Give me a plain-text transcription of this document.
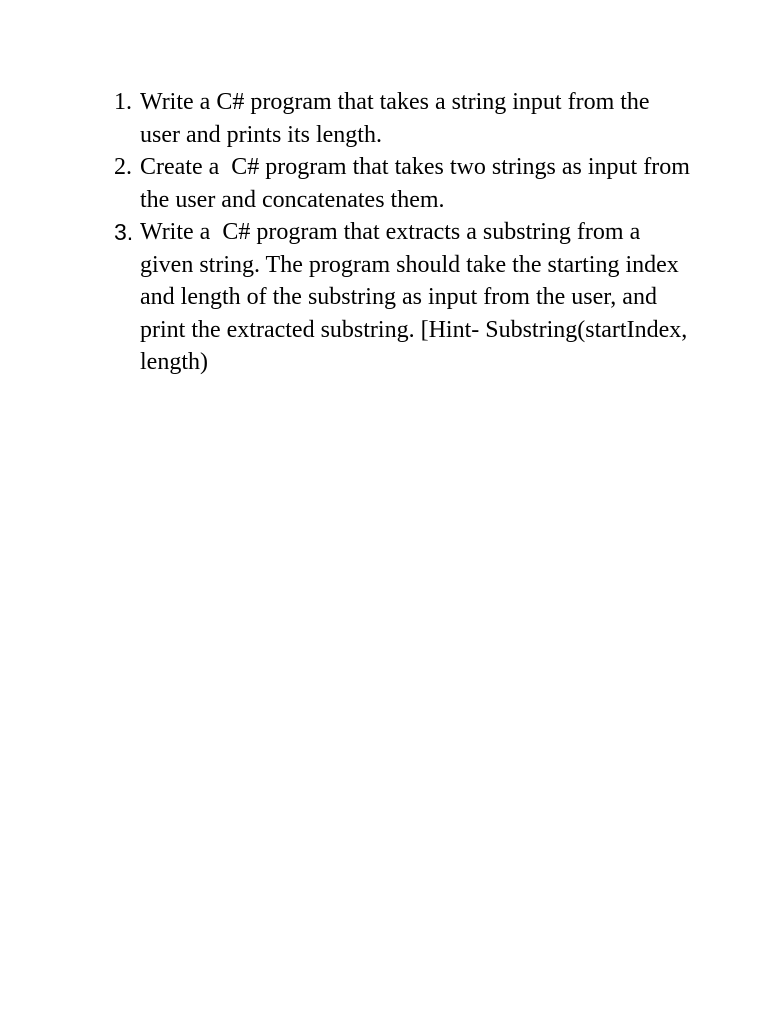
1. Write a C# program that takes a string input from the user and prints its length.
2. Create a  C# program that takes two strings as input from the user and concatenates them.
3. Write a  C# program that extracts a substring from a given string. The program should take the starting index and length of the substring as input from the user, and print the extracted substring. [Hint- Substring(startIndex, length)
